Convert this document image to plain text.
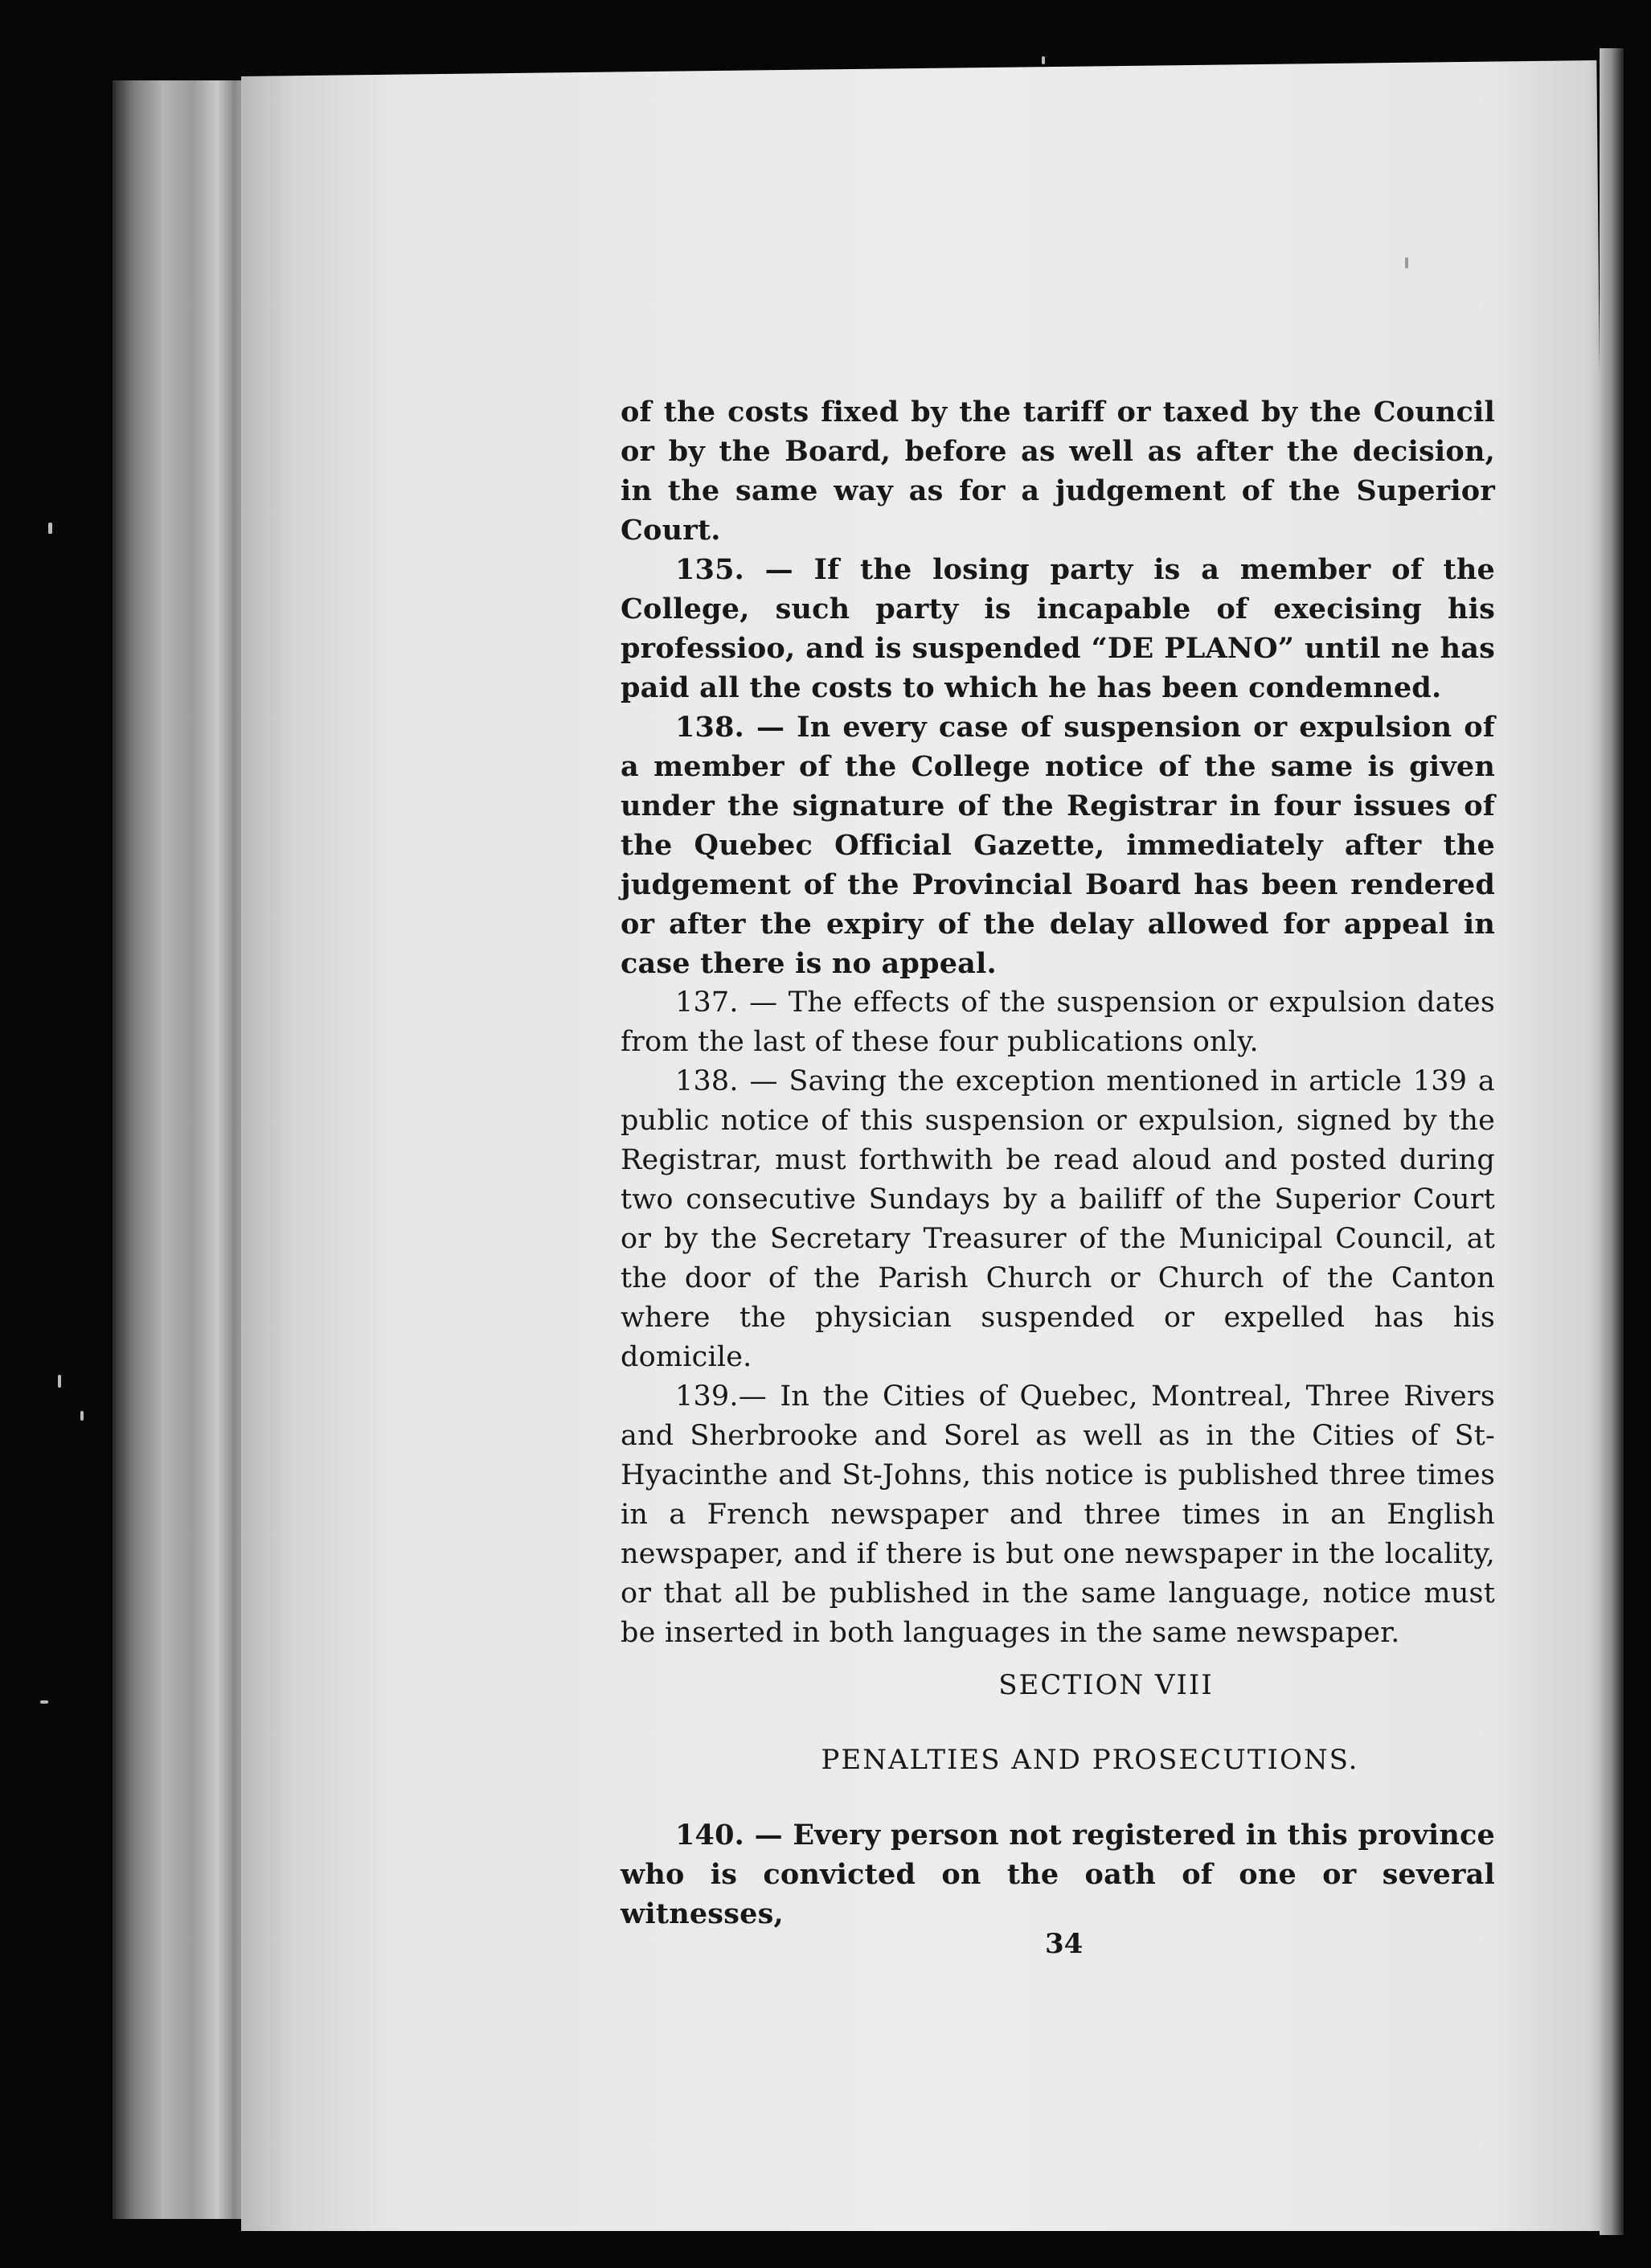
of the costs fixed by the tariff or taxed by the Council or by the Board, before as well as after the decision, in the same way as for a judgement of the Superior Court.

135. — If the losing party is a member of the College, such party is incapable of execising his professioo, and is suspended “DE PLANO” until ne has paid all the costs to which he has been condemned.

138. — In every case of suspension or expulsion of a member of the College notice of the same is given under the signature of the Registrar in four issues of the Quebec Official Gazette, immediately after the judgement of the Provincial Board has been rendered or after the expiry of the delay allowed for appeal in case there is no appeal.

137. — The effects of the suspension or expulsion dates from the last of these four publications only.

138. — Saving the exception mentioned in article 139 a public notice of this suspension or expulsion, signed by the Registrar, must forthwith be read aloud and posted during two consecutive Sundays by a bailiff of the Superior Court or by the Secretary Treasurer of the Municipal Council, at the door of the Parish Church or Church of the Canton where the physician suspended or expelled has his domicile.

139.— In the Cities of Quebec, Montreal, Three Rivers and Sherbrooke and Sorel as well as in the Cities of St-Hyacinthe and St-Johns, this notice is published three times in a French newspaper and three times in an English newspaper, and if there is but one newspaper in the locality, or that all be published in the same language, notice must be inserted in both languages in the same newspaper.

SECTION VIII
PENALTIES AND PROSECUTIONS.

140. — Every person not registered in this province who is convicted on the oath of one or several witnesses,

34
